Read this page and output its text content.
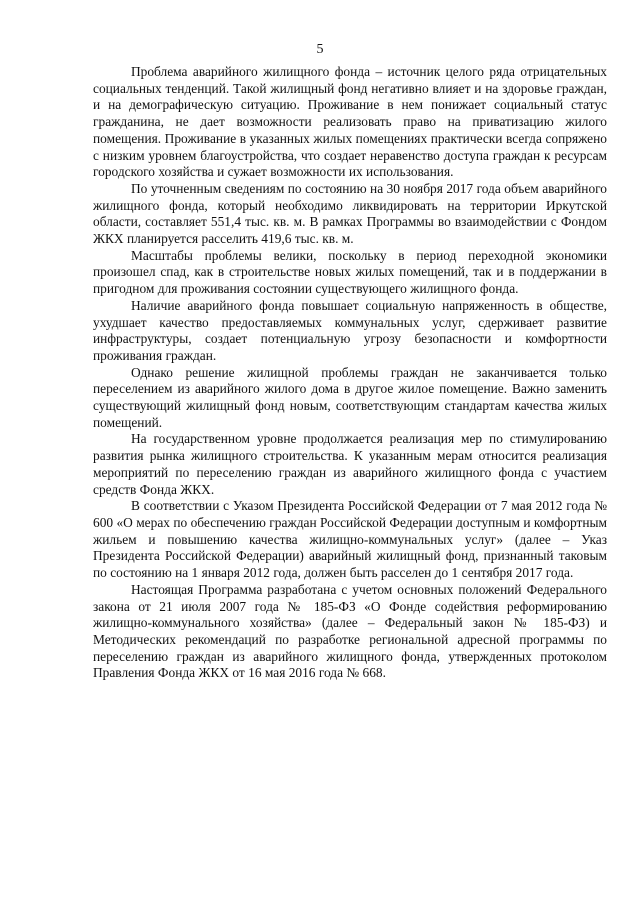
5

Проблема аварийного жилищного фонда – источник целого ряда отрицательных социальных тенденций. Такой жилищный фонд негативно влияет и на здоровье граждан, и на демографическую ситуацию. Проживание в нем понижает социальный статус гражданина, не дает возможности реализовать право на приватизацию жилого помещения. Проживание в указанных жилых помещениях практически всегда сопряжено с низким уровнем благоустройства, что создает неравенство доступа граждан к ресурсам городского хозяйства и сужает возможности их использования.

По уточненным сведениям по состоянию на 30 ноября 2017 года объем аварийного жилищного фонда, который необходимо ликвидировать на территории Иркутской области, составляет 551,4 тыс. кв. м. В рамках Программы во взаимодействии с Фондом ЖКХ планируется расселить 419,6 тыс. кв. м.

Масштабы проблемы велики, поскольку в период переходной экономики произошел спад, как в строительстве новых жилых помещений, так и в поддержании в пригодном для проживания состоянии существующего жилищного фонда.

Наличие аварийного фонда повышает социальную напряженность в обществе, ухудшает качество предоставляемых коммунальных услуг, сдерживает развитие инфраструктуры, создает потенциальную угрозу безопасности и комфортности проживания граждан.

Однако решение жилищной проблемы граждан не заканчивается только переселением из аварийного жилого дома в другое жилое помещение. Важно заменить существующий жилищный фонд новым, соответствующим стандартам качества жилых помещений.

На государственном уровне продолжается реализация мер по стимулированию развития рынка жилищного строительства. К указанным мерам относится реализация мероприятий по переселению граждан из аварийного жилищного фонда с участием средств Фонда ЖКХ.

В соответствии с Указом Президента Российской Федерации от 7 мая 2012 года № 600 «О мерах по обеспечению граждан Российской Федерации доступным и комфортным жильем и повышению качества жилищно-коммунальных услуг» (далее – Указ Президента Российской Федерации) аварийный жилищный фонд, признанный таковым по состоянию на 1 января 2012 года, должен быть расселен до 1 сентября 2017 года.

Настоящая Программа разработана с учетом основных положений Федерального закона от 21 июля 2007 года № 185-ФЗ «О Фонде содействия реформированию жилищно-коммунального хозяйства» (далее – Федеральный закон № 185-ФЗ) и Методических рекомендаций по разработке региональной адресной программы по переселению граждан из аварийного жилищного фонда, утвержденных протоколом Правления Фонда ЖКХ от 16 мая 2016 года № 668.
